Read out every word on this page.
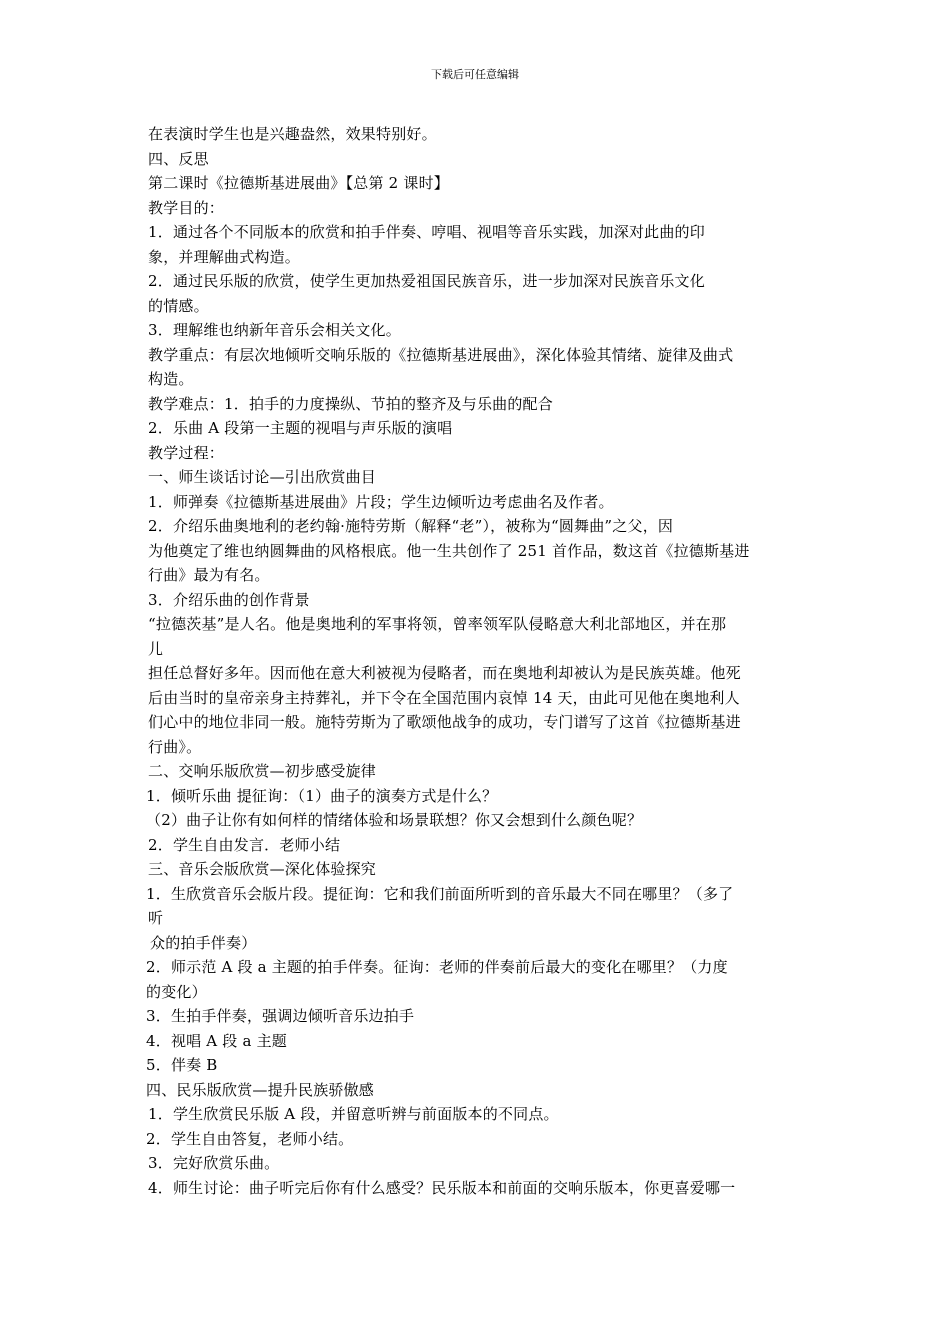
下载后可任意编辑
在表演时学生也是兴趣盎然，效果特别好。
四、反思
第二课时《拉德斯基进展曲》【总第 2 课时】
教学目的：
1．通过各个不同版本的欣赏和拍手伴奏、哼唱、视唱等音乐实践，加深对此曲的印
象，并理解曲式构造。
2．通过民乐版的欣赏，使学生更加热爱祖国民族音乐，进一步加深对民族音乐文化
的情感。
3．理解维也纳新年音乐会相关文化。
教学重点：有层次地倾听交响乐版的《拉德斯基进展曲》，深化体验其情绪、旋律及曲式
构造。
教学难点：1．拍手的力度操纵、节拍的整齐及与乐曲的配合
2．乐曲 A 段第一主题的视唱与声乐版的演唱
教学过程：
一、师生谈话讨论—引出欣赏曲目
1．师弹奏《拉德斯基进展曲》片段；学生边倾听边考虑曲名及作者。
2．介绍乐曲奥地利的老约翰·施特劳斯（解释“老”），被称为“圆舞曲”之父，因
为他奠定了维也纳圆舞曲的风格根底。他一生共创作了 251 首作品，数这首《拉德斯基进
行曲》最为有名。
3．介绍乐曲的创作背景
“拉德茨基”是人名。他是奥地利的军事将领，曾率领军队侵略意大利北部地区，并在那
儿
担任总督好多年。因而他在意大利被视为侵略者，而在奥地利却被认为是民族英雄。他死
后由当时的皇帝亲身主持葬礼，并下令在全国范围内哀悼 14 天，由此可见他在奥地利人
们心中的地位非同一般。施特劳斯为了歌颂他战争的成功，专门谱写了这首《拉德斯基进
行曲》。
二、交响乐版欣赏—初步感受旋律
1．倾听乐曲 提征询：（1）曲子的演奏方式是什么？
（2）曲子让你有如何样的情绪体验和场景联想？你又会想到什么颜色呢？
2．学生自由发言．老师小结
三、音乐会版欣赏—深化体验探究
1．生欣赏音乐会版片段。提征询：它和我们前面所听到的音乐最大不同在哪里？（多了
听
众的拍手伴奏）
2．师示范 A 段 a 主题的拍手伴奏。征询：老师的伴奏前后最大的变化在哪里？（力度
的变化）
3．生拍手伴奏，强调边倾听音乐边拍手
4．视唱 A 段 a 主题
5．伴奏 B
四、民乐版欣赏—提升民族骄傲感
1．学生欣赏民乐版 A 段，并留意听辨与前面版本的不同点。
2．学生自由答复，老师小结。
3．完好欣赏乐曲。
4．师生讨论：曲子听完后你有什么感受？民乐版本和前面的交响乐版本，你更喜爱哪一
